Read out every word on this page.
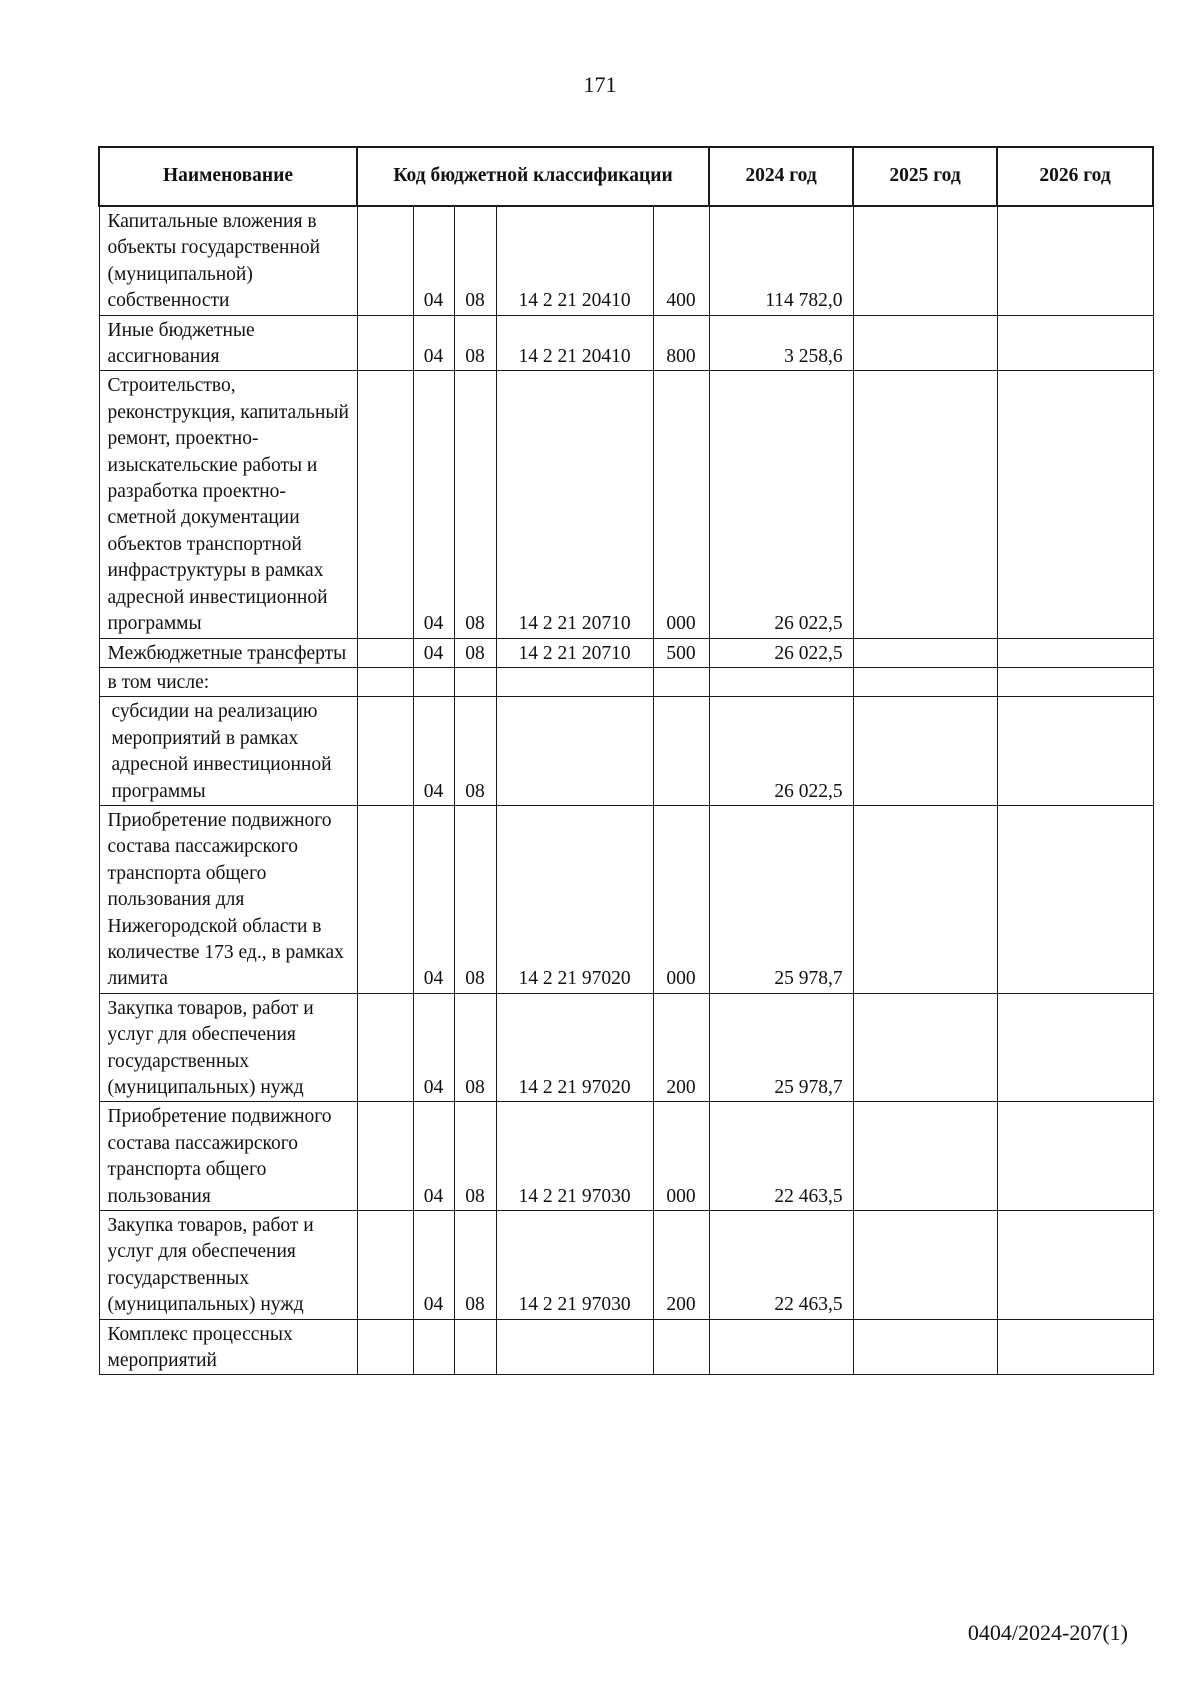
171
Наименование	Код бюджетной классификации					2024 год	2025 год	2026 год
Капитальные вложения в объекты государственной (муниципальной) собственности		04	08	14 2 21 20410	400	114 782,0		
Иные бюджетные ассигнования		04	08	14 2 21 20410	800	3 258,6		
Строительство, реконструкция, капитальный ремонт, проектно-изыскательские работы и разработка проектно-сметной документации объектов транспортной инфраструктуры в рамках адресной инвестиционной программы		04	08	14 2 21 20710	000	26 022,5		
Межбюджетные трансферты		04	08	14 2 21 20710	500	26 022,5		
в том числе:								
субсидии на реализацию мероприятий в рамках адресной инвестиционной программы		04	08			26 022,5		
Приобретение подвижного состава пассажирского транспорта общего пользования для Нижегородской области в количестве 173 ед., в рамках лимита		04	08	14 2 21 97020	000	25 978,7		
Закупка товаров, работ и услуг для обеспечения государственных (муниципальных) нужд		04	08	14 2 21 97020	200	25 978,7		
Приобретение подвижного состава пассажирского транспорта общего пользования		04	08	14 2 21 97030	000	22 463,5		
Закупка товаров, работ и услуг для обеспечения государственных (муниципальных) нужд		04	08	14 2 21 97030	200	22 463,5		
Комплекс процессных мероприятий								
0404/2024-207(1)
